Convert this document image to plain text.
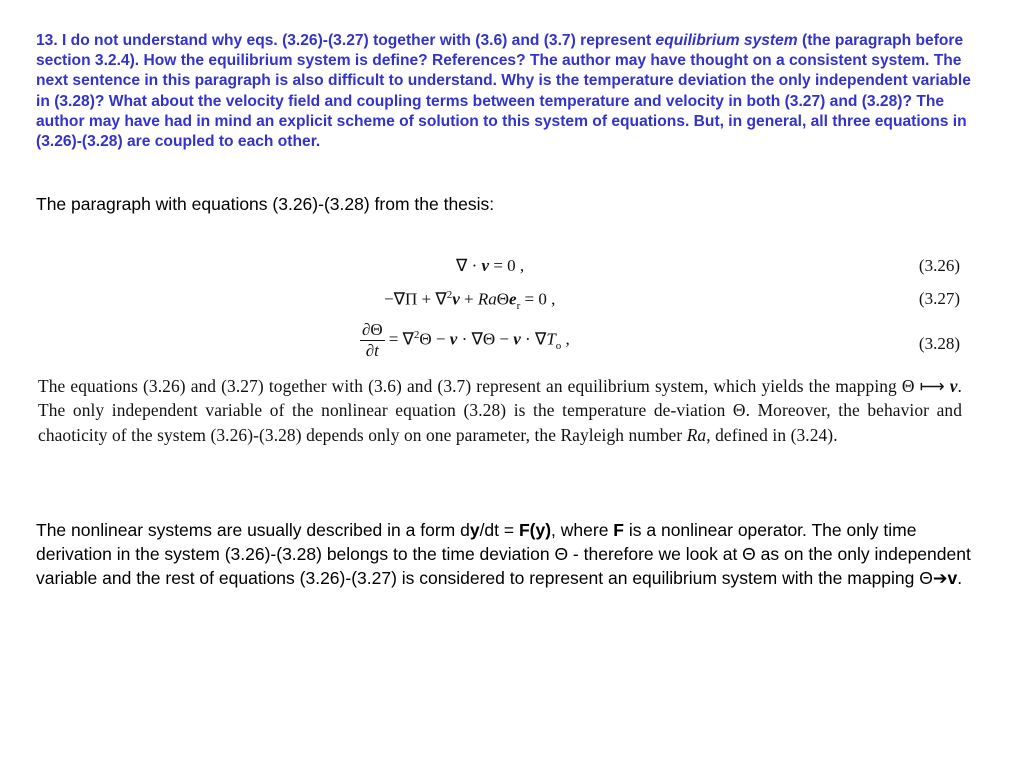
13. I do not understand why eqs. (3.26)-(3.27) together with (3.6) and (3.7) represent equilibrium system (the paragraph before section 3.2.4). How the equilibrium system is define? References? The author may have thought on a consistent system. The next sentence in this paragraph is also difficult to understand. Why is the temperature deviation the only independent variable in (3.28)? What about the velocity field and coupling terms between temperature and velocity in both (3.27) and (3.28)? The author may have had in mind an explicit scheme of solution to this system of equations. But, in general, all three equations in (3.26)-(3.28) are coupled to each other.
The paragraph with equations (3.26)-(3.28) from the thesis:
∇ · v = 0 ,	(3.26)
−∇Π + ∇$^2$v + RaΘe$_r$ = 0 ,	(3.27)
$\frac{\partial\Theta}{\partial t} = \nabla^2\Theta - v \cdot \nabla\Theta - v \cdot \nabla T_o$ ,	(3.28)
The equations (3.26) and (3.27) together with (3.6) and (3.7) represent an equilibrium system, which yields the mapping Θ ⟼ v. The only independent variable of the nonlinear equation (3.28) is the temperature de-viation Θ. Moreover, the behavior and chaoticity of the system (3.26)-(3.28) depends only on one parameter, the Rayleigh number Ra, defined in (3.24).
The nonlinear systems are usually described in a form dy/dt = F(y), where F is a nonlinear operator. The only time derivation in the system (3.26)-(3.28) belongs to the time deviation Θ - therefore we look at Θ as on the only independent variable and the rest of equations (3.26)-(3.27) is considered to represent an equilibrium system with the mapping Θ➔v.
